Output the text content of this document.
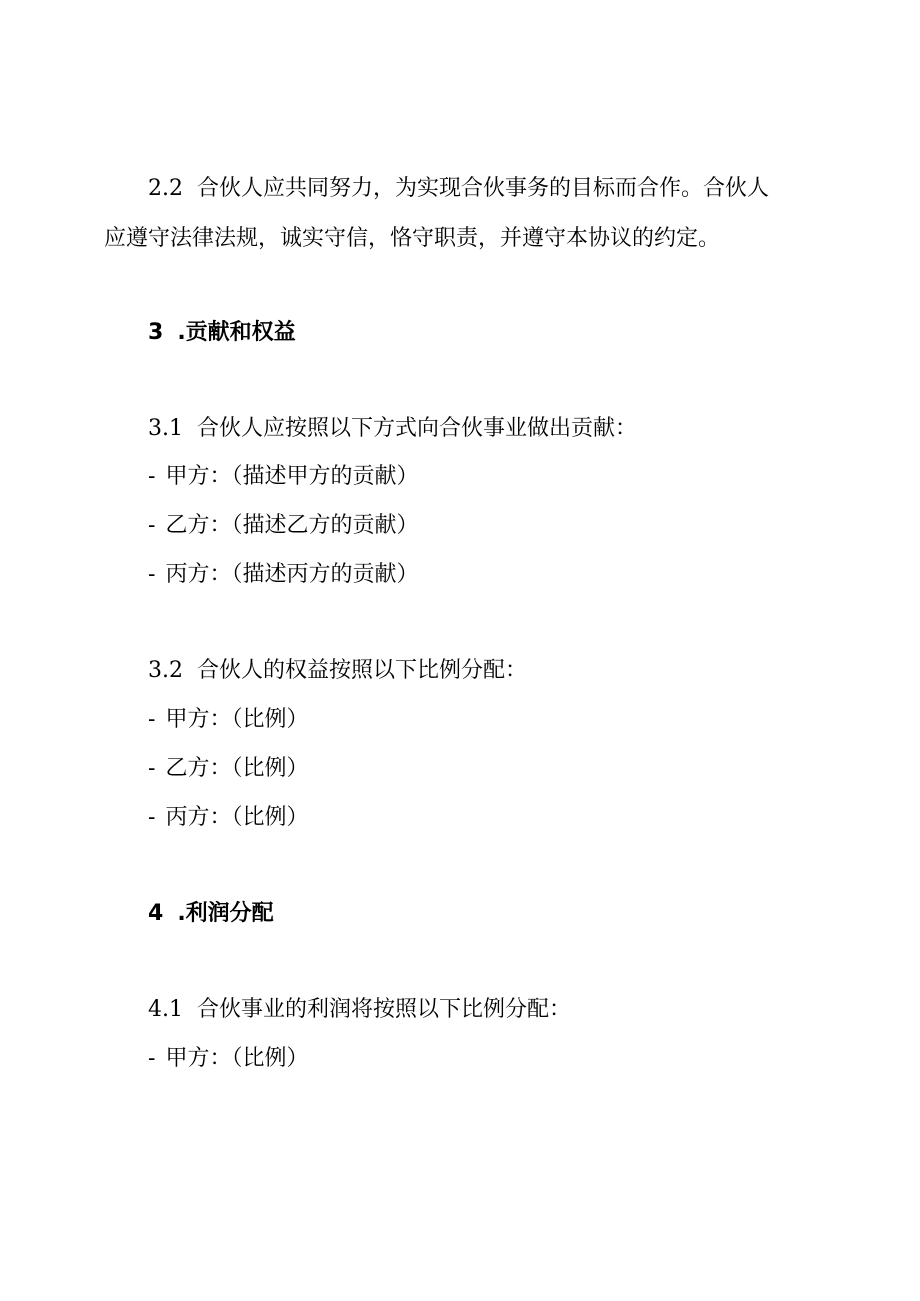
2.2 合伙人应共同努力，为实现合伙事务的目标而合作。合伙人
应遵守法律法规，诚实守信，恪守职责，并遵守本协议的约定。
3 .贡献和权益
3.1 合伙人应按照以下方式向合伙事业做出贡献：
- 甲方：（描述甲方的贡献）
- 乙方：（描述乙方的贡献）
- 丙方：（描述丙方的贡献）
3.2 合伙人的权益按照以下比例分配：
- 甲方：（比例）
- 乙方：（比例）
- 丙方：（比例）
4 .利润分配
4.1 合伙事业的利润将按照以下比例分配：
- 甲方：（比例）
